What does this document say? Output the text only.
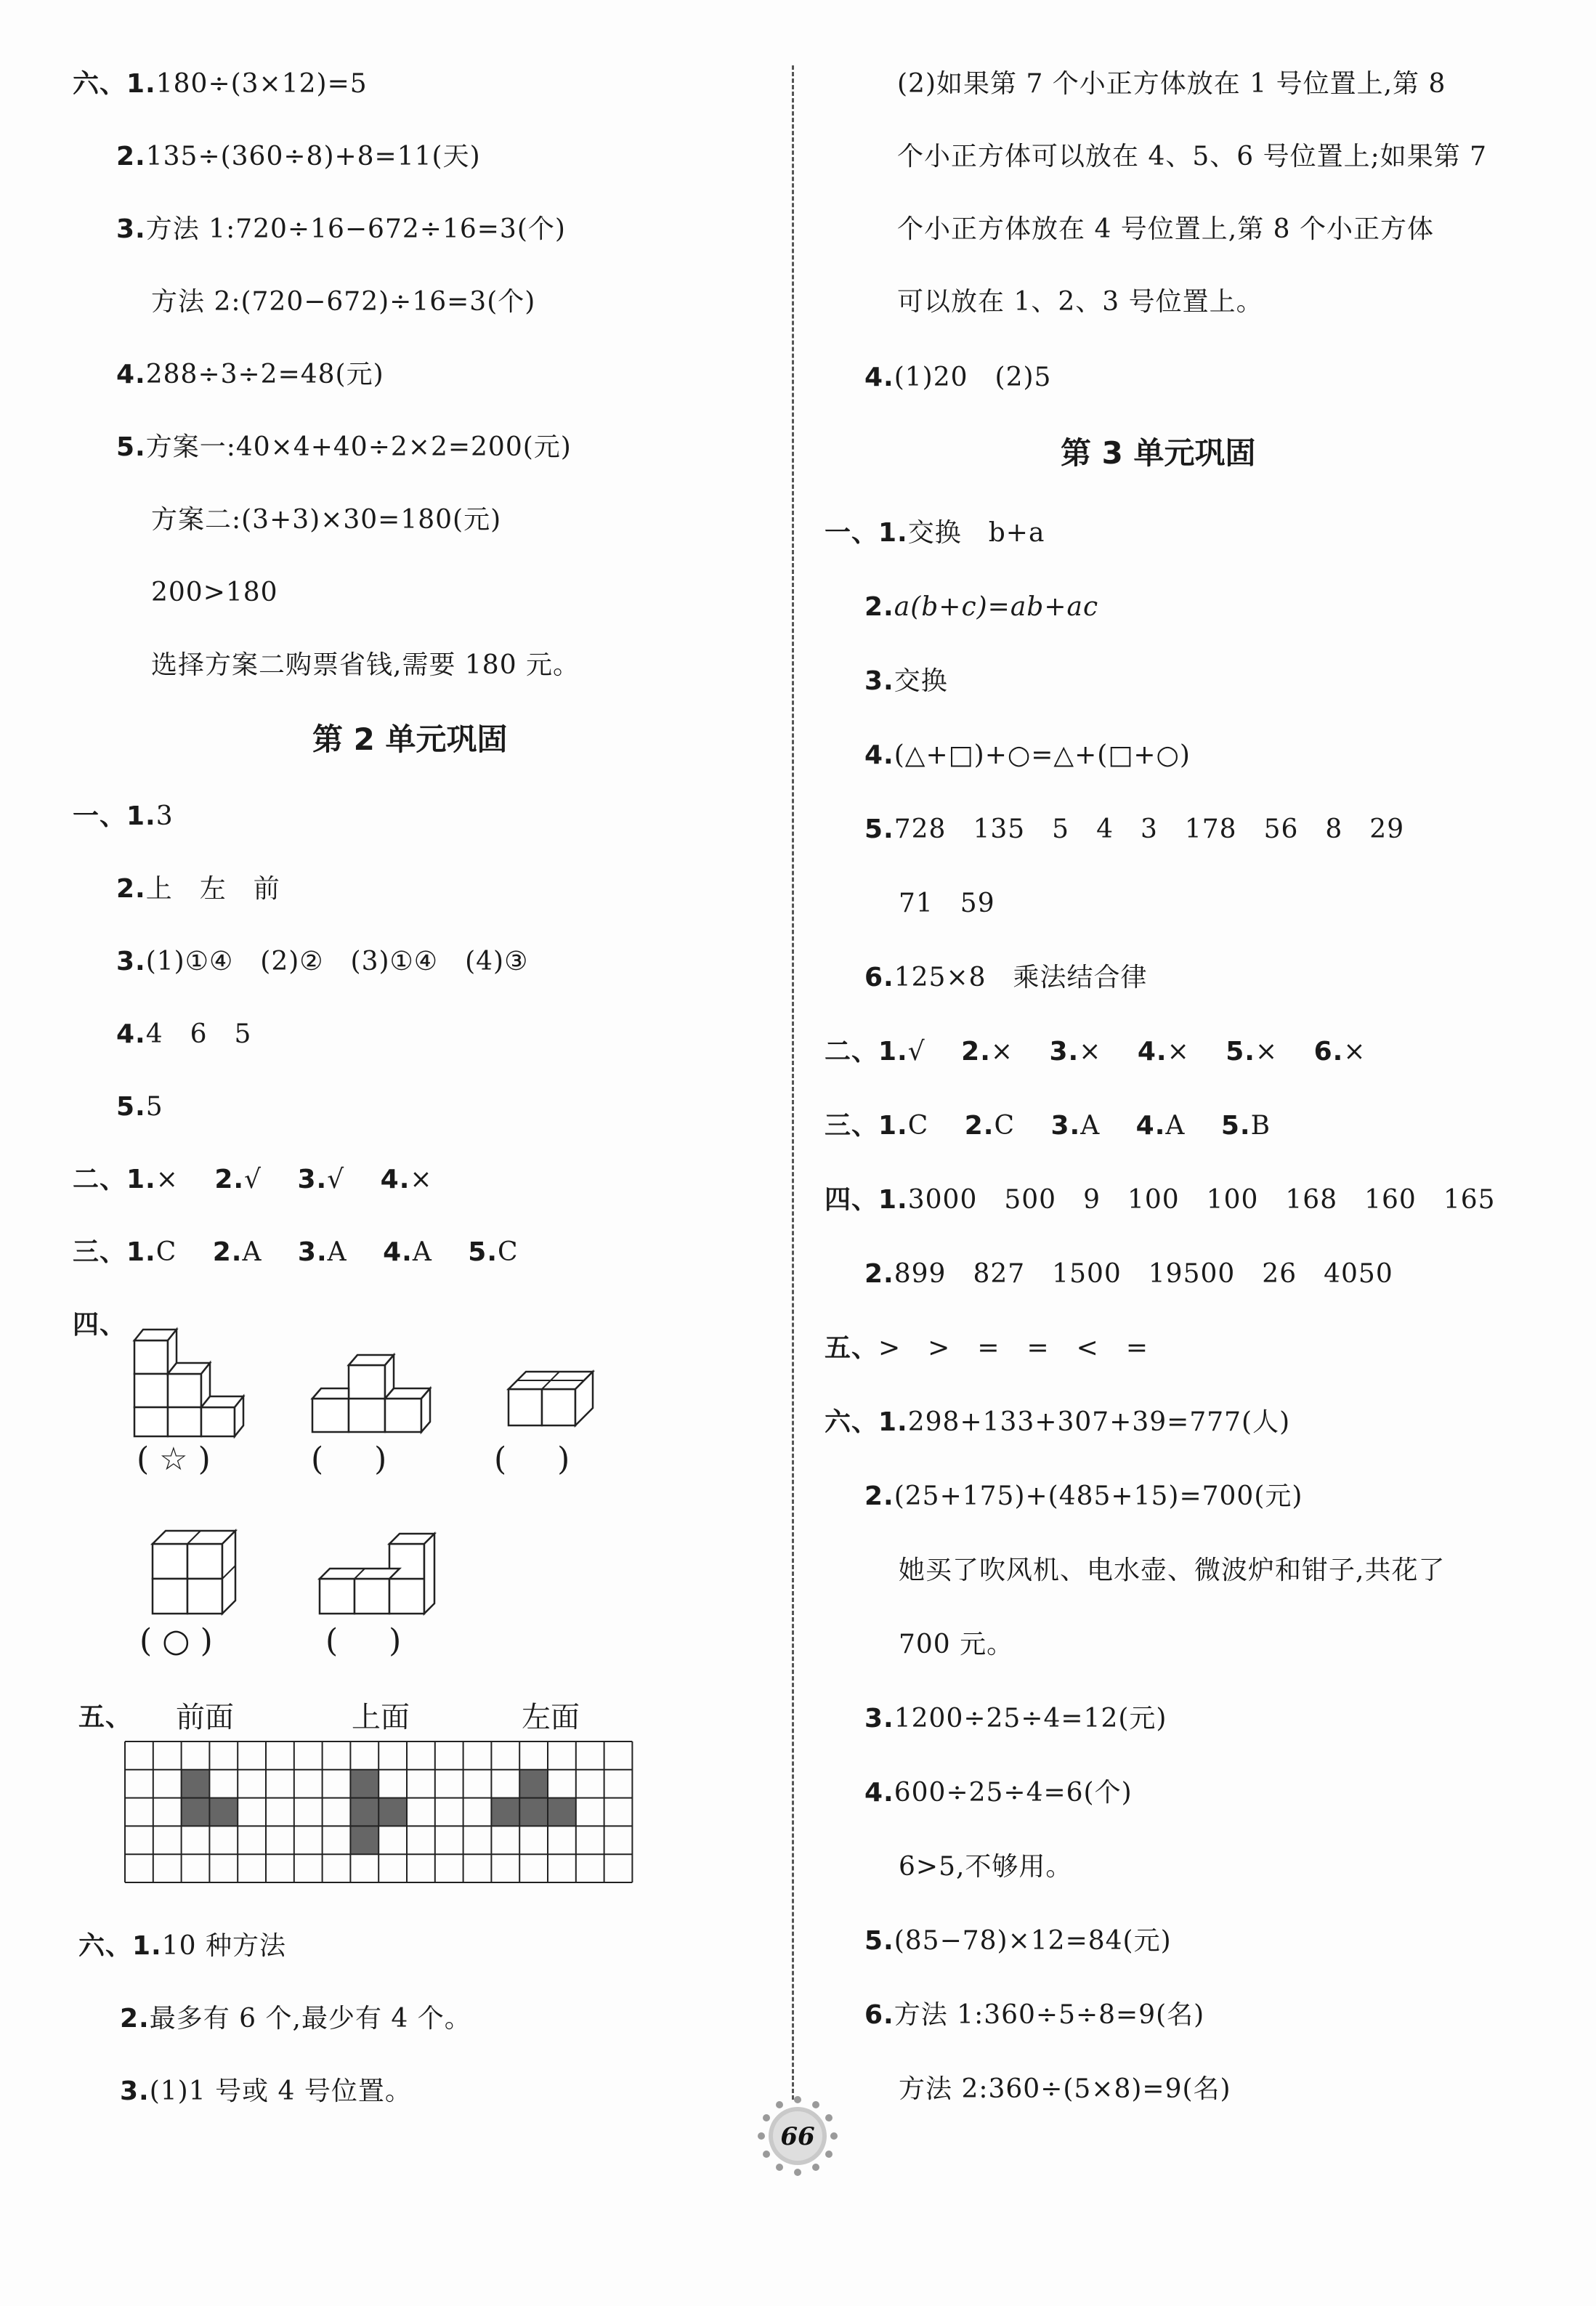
六、1.180÷(3×12)=5
2.135÷(360÷8)+8=11(天)
3.方法 1:720÷16−672÷16=3(个)
方法 2:(720−672)÷16=3(个)
4.288÷3÷2=48(元)
5.方案一:40×4+40÷2×2=200(元)
方案二:(3+3)×30=180(元)
200>180
选择方案二购票省钱,需要 180 元。
第 2 单元巩固
一、1.3
2.上　左　前
3.(1)①④　(2)②　(3)①④　(4)③
4.4　6　5
5.5
二、1.×　 2.√　 3.√　 4.×
三、1.C　 2.A　 3.A　 4.A　 5.C
四、
( ☆ )	( )	( )
( ○ )	( )
五、 前面	上面	左面
六、1.10 种方法
2.最多有 6 个,最少有 4 个。
3.(1)1 号或 4 号位置。
(2)如果第 7 个小正方体放在 1 号位置上,第 8
个小正方体可以放在 4、5、6 号位置上;如果第 7
个小正方体放在 4 号位置上,第 8 个小正方体
可以放在 1、2、3 号位置上。
4.(1)20　(2)5
第 3 单元巩固
一、1.交换　b+a
2.a(b+c)=ab+ac
3.交换
4.(△+□)+○=△+(□+○)
5.728　135　5　4　3　178　56　8　29
71　59
6.125×8　乘法结合律
二、1.√　 2.×　 3.×　 4.×　 5.×　 6.×
三、1.C　 2.C　 3.A　 4.A　 5.B
四、1.3000　500　9　100　100　168　160　165
2.899　827　1500　19500　26　4050
五、>　>　=　=　<　=
六、1.298+133+307+39=777(人)
2.(25+175)+(485+15)=700(元)
她买了吹风机、电水壶、微波炉和钳子,共花了
700 元。
3.1200÷25÷4=12(元)
4.600÷25÷4=6(个)
6>5,不够用。
5.(85−78)×12=84(元)
6.方法 1:360÷5÷8=9(名)
方法 2:360÷(5×8)=9(名)
66
